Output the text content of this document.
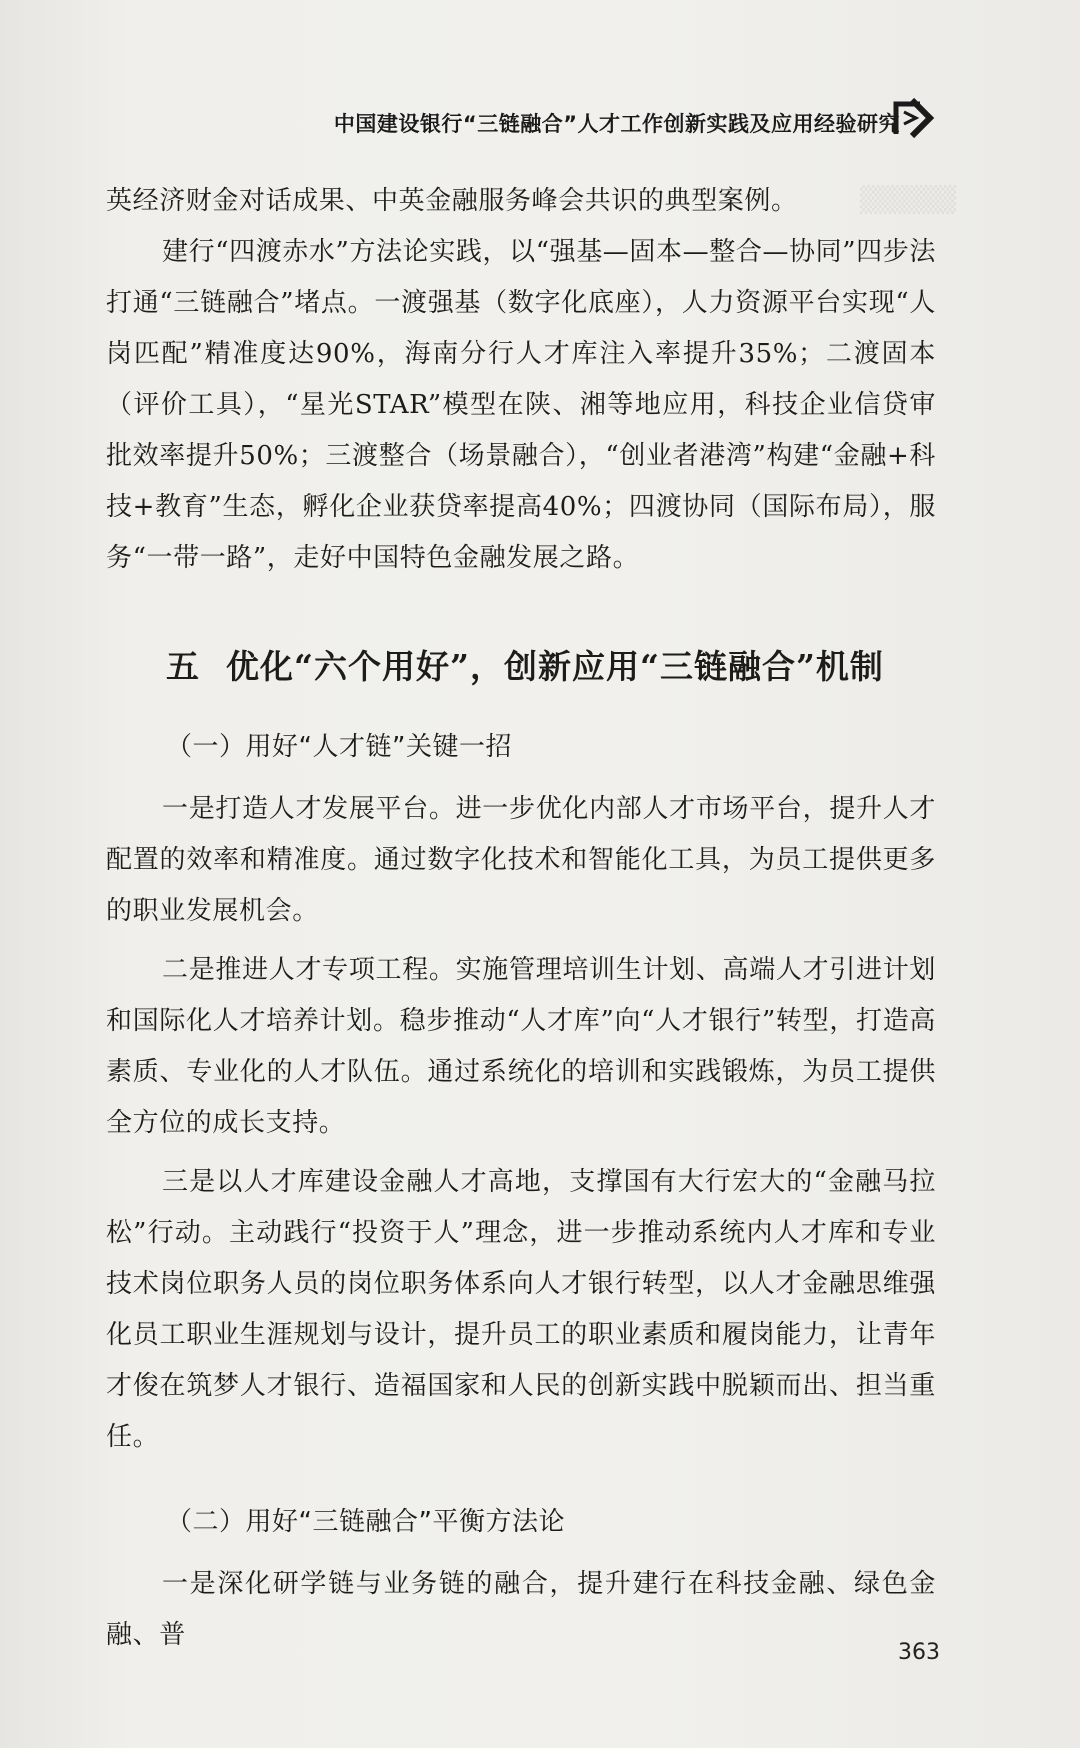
▒▒▒▒▒
中国建设银行“三链融合”人才工作创新实践及应用经验研究

英经济财金对话成果、中英金融服务峰会共识的典型案例。

建行“四渡赤水”方法论实践，以“强基—固本—整合—协同”四步法打通“三链融合”堵点。一渡强基（数字化底座），人力资源平台实现“人岗匹配”精准度达90%，海南分行人才库注入率提升35%；二渡固本（评价工具），“星光STAR”模型在陕、湘等地应用，科技企业信贷审批效率提升50%；三渡整合（场景融合），“创业者港湾”构建“金融+科技+教育”生态，孵化企业获贷率提高40%；四渡协同（国际布局），服务“一带一路”，走好中国特色金融发展之路。

五 优化“六个用好”，创新应用“三链融合”机制
（一）用好“人才链”关键一招

一是打造人才发展平台。进一步优化内部人才市场平台，提升人才配置的效率和精准度。通过数字化技术和智能化工具，为员工提供更多的职业发展机会。

二是推进人才专项工程。实施管理培训生计划、高端人才引进计划和国际化人才培养计划。稳步推动“人才库”向“人才银行”转型，打造高素质、专业化的人才队伍。通过系统化的培训和实践锻炼，为员工提供全方位的成长支持。

三是以人才库建设金融人才高地，支撑国有大行宏大的“金融马拉松”行动。主动践行“投资于人”理念，进一步推动系统内人才库和专业技术岗位职务人员的岗位职务体系向人才银行转型，以人才金融思维强化员工职业生涯规划与设计，提升员工的职业素质和履岗能力，让青年才俊在筑梦人才银行、造福国家和人民的创新实践中脱颖而出、担当重任。

（二）用好“三链融合”平衡方法论

一是深化研学链与业务链的融合，提升建行在科技金融、绿色金融、普

363
